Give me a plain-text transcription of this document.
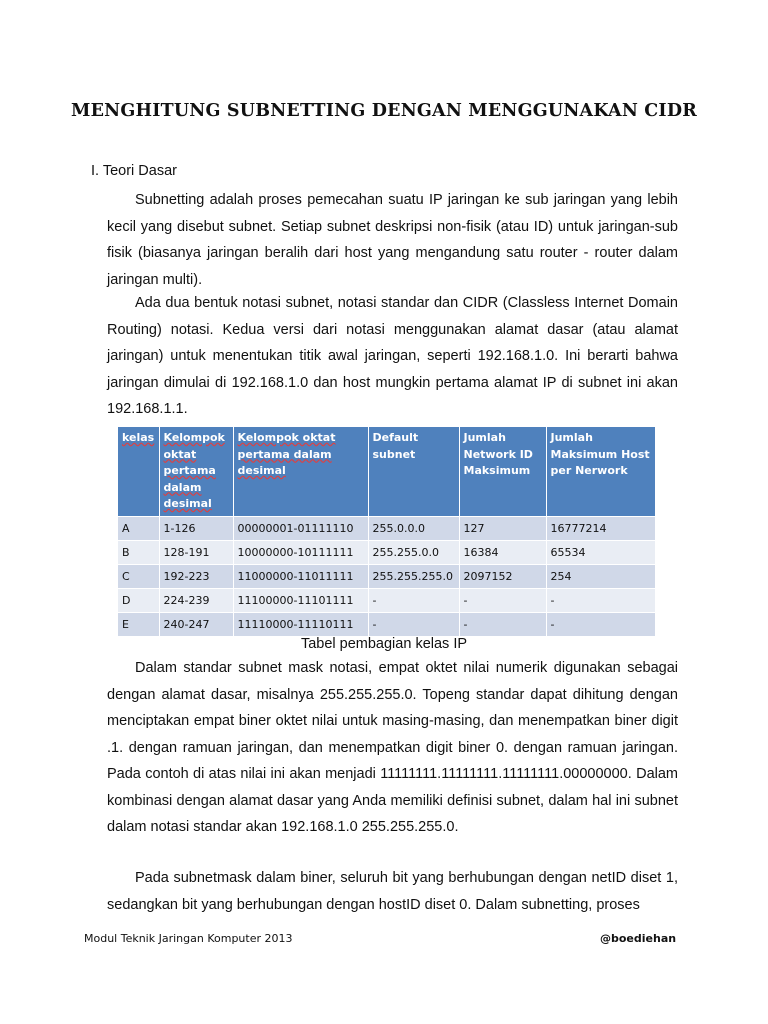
MENGHITUNG SUBNETTING DENGAN MENGGUNAKAN CIDR
I. Teori Dasar

Subnetting adalah proses pemecahan suatu IP jaringan ke sub jaringan yang lebih kecil yang disebut subnet. Setiap subnet deskripsi non-fisik (atau ID) untuk jaringan-sub fisik (biasanya jaringan beralih dari host yang mengandung satu router - router dalam jaringan multi).

Ada dua bentuk notasi subnet, notasi standar dan CIDR (Classless Internet Domain Routing) notasi. Kedua versi dari notasi menggunakan alamat dasar (atau alamat jaringan) untuk menentukan titik awal jaringan, seperti 192.168.1.0. Ini berarti bahwa jaringan dimulai di 192.168.1.0 dan host mungkin pertama alamat IP di subnet ini akan 192.168.1.1.

kelas	Kelompok oktat pertama dalam desimal	Kelompok oktat pertama dalam desimal	Default subnet	Jumlah Network ID Maksimum	Jumlah Maksimum Host per Nerwork
A	1-126	00000001-01111110	255.0.0.0	127	16777214
B	128-191	10000000-10111111	255.255.0.0	16384	65534
C	192-223	11000000-11011111	255.255.255.0	2097152	254
D	224-239	11100000-11101111	-	-	-
E	240-247	11110000-11110111	-	-	-
Tabel pembagian kelas IP

Dalam standar subnet mask notasi, empat oktet nilai numerik digunakan sebagai dengan alamat dasar, misalnya 255.255.255.0. Topeng standar dapat dihitung dengan menciptakan empat biner oktet nilai untuk masing-masing, dan menempatkan biner digit .1. dengan ramuan jaringan, dan menempatkan digit biner 0. dengan ramuan jaringan. Pada contoh di atas nilai ini akan menjadi 11111111.11111111.11111111.00000000. Dalam kombinasi dengan alamat dasar yang Anda memiliki definisi subnet, dalam hal ini subnet dalam notasi standar akan 192.168.1.0 255.255.255.0.

Pada subnetmask dalam biner, seluruh bit yang berhubungan dengan netID diset 1, sedangkan bit yang berhubungan dengan hostID diset 0. Dalam subnetting, proses

Modul Teknik Jaringan Komputer 2013	@boediehan
